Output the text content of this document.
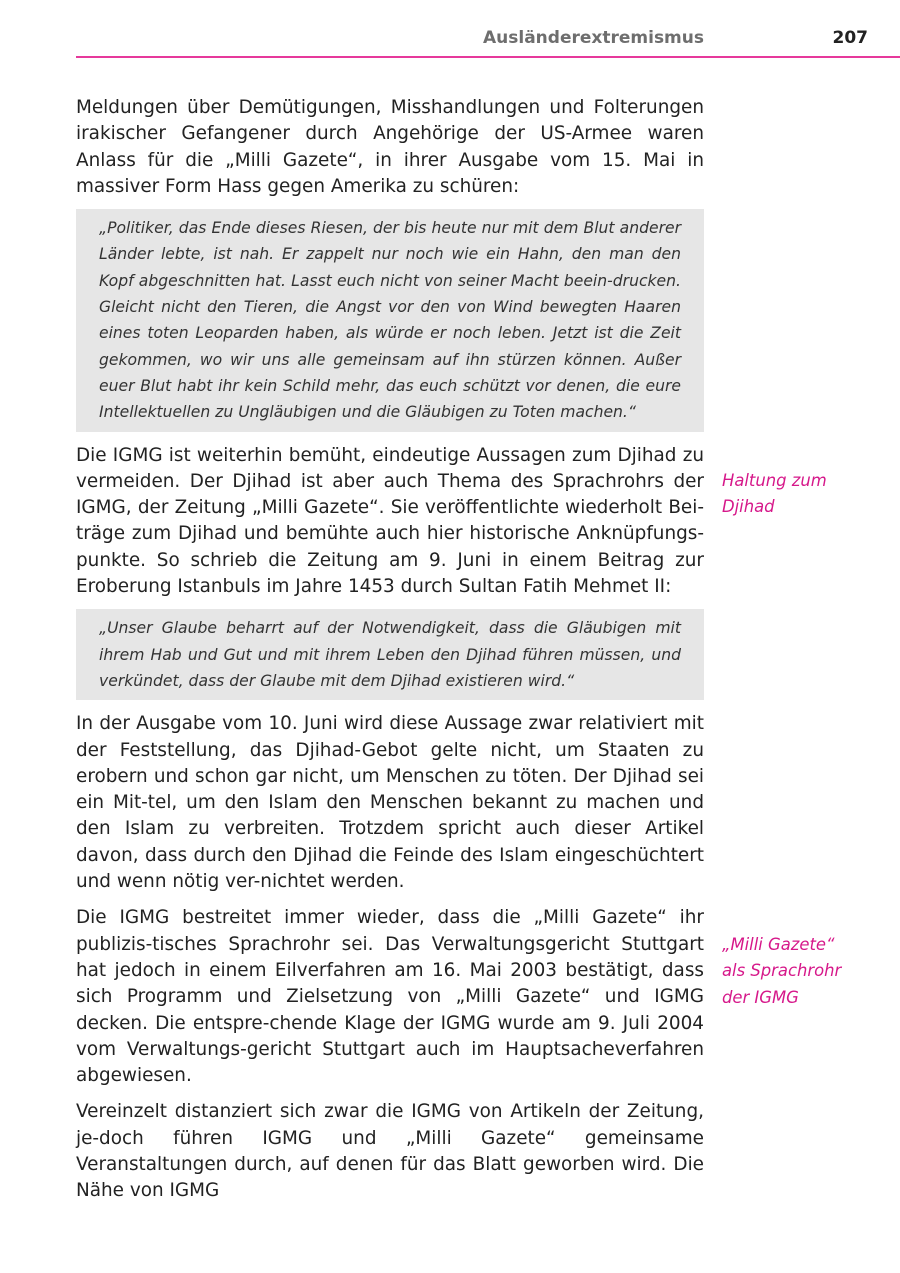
Ausländerextremismus	207

Meldungen über Demütigungen, Misshandlungen und Folterungen irakischer Gefangener durch Angehörige der US-Armee waren Anlass für die „Milli Gazete“, in ihrer Ausgabe vom 15. Mai in massiver Form Hass gegen Amerika zu schüren:

„Politiker, das Ende dieses Riesen, der bis heute nur mit dem Blut anderer Länder lebte, ist nah. Er zappelt nur noch wie ein Hahn, den man den Kopf abgeschnitten hat. Lasst euch nicht von seiner Macht beein-drucken. Gleicht nicht den Tieren, die Angst vor den von Wind bewegten Haaren eines toten Leoparden haben, als würde er noch leben. Jetzt ist die Zeit gekommen, wo wir uns alle gemeinsam auf ihn stürzen können. Außer euer Blut habt ihr kein Schild mehr, das euch schützt vor denen, die eure Intellektuellen zu Ungläubigen und die Gläubigen zu Toten machen.“

Die IGMG ist weiterhin bemüht, eindeutige Aussagen zum Djihad zu vermeiden. Der Djihad ist aber auch Thema des Sprachrohrs der IGMG, der Zeitung „Milli Gazete“. Sie veröffentlichte wiederholt Bei-träge zum Djihad und bemühte auch hier historische Anknüpfungs-punkte. So schrieb die Zeitung am 9. Juni in einem Beitrag zur Eroberung Istanbuls im Jahre 1453 durch Sultan Fatih Mehmet II:

„Unser Glaube beharrt auf der Notwendigkeit, dass die Gläubigen mit ihrem Hab und Gut und mit ihrem Leben den Djihad führen müssen, und verkündet, dass der Glaube mit dem Djihad existieren wird.“

In der Ausgabe vom 10. Juni wird diese Aussage zwar relativiert mit der Feststellung, das Djihad-Gebot gelte nicht, um Staaten zu erobern und schon gar nicht, um Menschen zu töten. Der Djihad sei ein Mit-tel, um den Islam den Menschen bekannt zu machen und den Islam zu verbreiten. Trotzdem spricht auch dieser Artikel davon, dass durch den Djihad die Feinde des Islam eingeschüchtert und wenn nötig ver-nichtet werden.

Die IGMG bestreitet immer wieder, dass die „Milli Gazete“ ihr publizis-tisches Sprachrohr sei. Das Verwaltungsgericht Stuttgart hat jedoch in einem Eilverfahren am 16. Mai 2003 bestätigt, dass sich Programm und Zielsetzung von „Milli Gazete“ und IGMG decken. Die entspre-chende Klage der IGMG wurde am 9. Juli 2004 vom Verwaltungs-gericht Stuttgart auch im Hauptsacheverfahren abgewiesen.

Vereinzelt distanziert sich zwar die IGMG von Artikeln der Zeitung, je-doch führen IGMG und „Milli Gazete“ gemeinsame Veranstaltungen durch, auf denen für das Blatt geworben wird. Die Nähe von IGMG

Haltung zum
Djihad
„Milli Gazete“
als Sprachrohr
der IGMG
